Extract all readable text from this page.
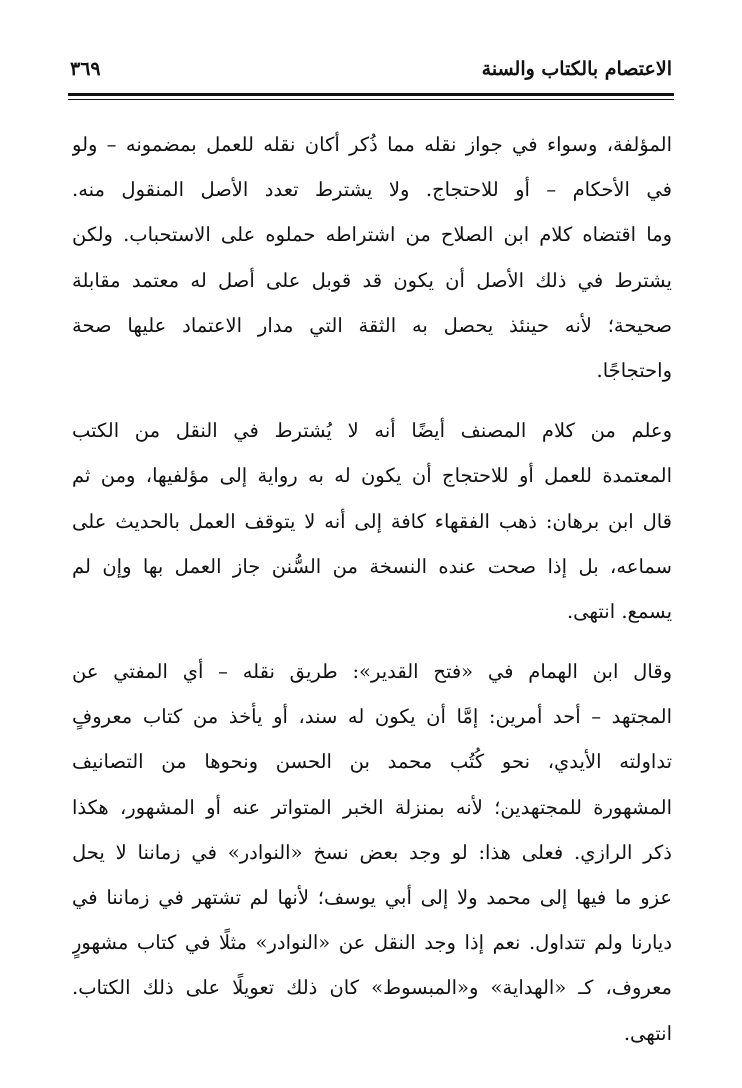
الاعتصام بالكتاب والسنة
٣٦٩
المؤلفة، وسواء في جواز نقله مما ذُكر أكان نقله للعمل بمضمونه – ولو
في الأحكام – أو للاحتجاج. ولا يشترط تعدد الأصل المنقول منه.
وما اقتضاه كلام ابن الصلاح من اشتراطه حملوه على الاستحباب. ولكن
يشترط في ذلك الأصل أن يكون قد قوبل على أصل له معتمد مقابلة
صحيحة؛ لأنه حينئذ يحصل به الثقة التي مدار الاعتماد عليها صحة
واحتجاجًا.
وعلم من كلام المصنف أيضًا أنه لا يُشترط في النقل من الكتب
المعتمدة للعمل أو للاحتجاج أن يكون له به رواية إلى مؤلفيها، ومن ثم
قال ابن برهان: ذهب الفقهاء كافة إلى أنه لا يتوقف العمل بالحديث على
سماعه، بل إذا صحت عنده النسخة من السُّنن جاز العمل بها وإن لم
يسمع. انتهى.
وقال ابن الهمام في «فتح القدير»: طريق نقله – أي المفتي عن
المجتهد – أحد أمرين: إمَّا أن يكون له سند، أو يأخذ من كتاب معروفٍ
تداولته الأيدي، نحو كُتُب محمد بن الحسن ونحوها من التصانيف
المشهورة للمجتهدين؛ لأنه بمنزلة الخبر المتواتر عنه أو المشهور، هكذا
ذكر الرازي. فعلى هذا: لو وجد بعض نسخ «النوادر» في زماننا لا يحل
عزو ما فيها إلى محمد ولا إلى أبي يوسف؛ لأنها لم تشتهر في زماننا في
ديارنا ولم تتداول. نعم إذا وجد النقل عن «النوادر» مثلًا في كتاب مشهورٍ
معروف، كـ «الهداية» و«المبسوط» كان ذلك تعويلًا على ذلك الكتاب.
انتهى.
